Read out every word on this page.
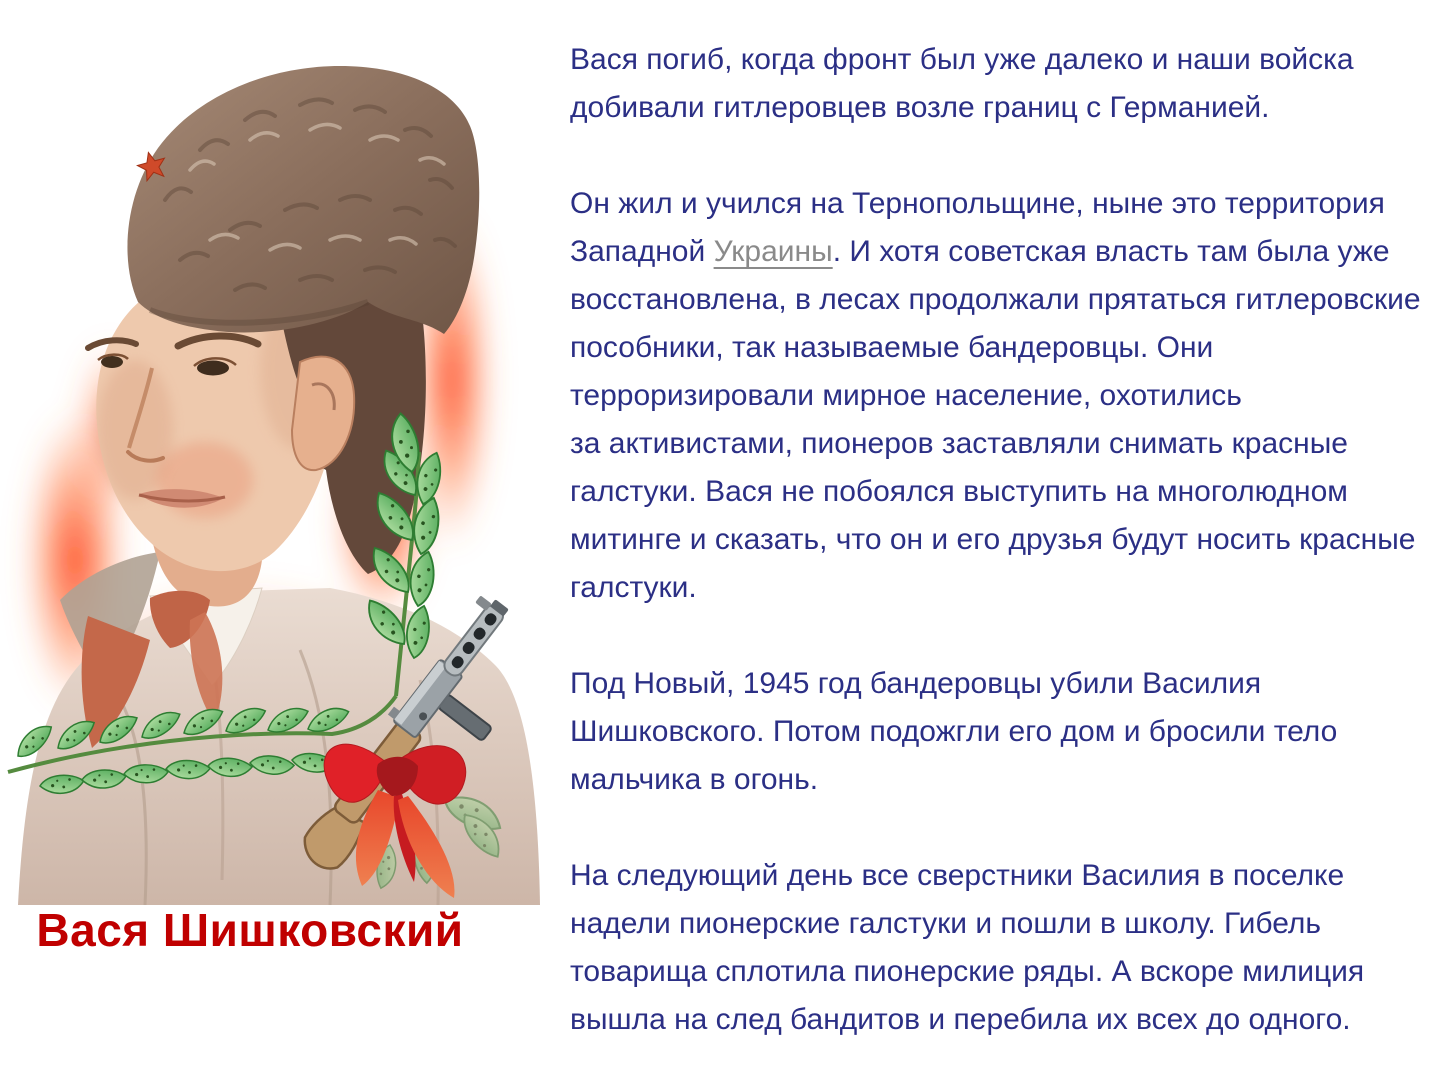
Вася Шишковский

Вася погиб, когда фронт был уже далеко и наши войска
добивали гитлеровцев возле границ с Германией.

Он жил и учился на Тернопольщине, ныне это территория
Западной Украины. И хотя советская власть там была уже
восстановлена, в лесах продолжали прятаться гитлеровские
пособники, так называемые бандеровцы. Они
терроризировали мирное население, охотились
за активистами, пионеров заставляли снимать красные
галстуки. Вася не побоялся выступить на многолюдном
митинге и сказать, что он и его друзья будут носить красные
галстуки.

Под Новый, 1945 год бандеровцы убили Василия
Шишковского. Потом подожгли его дом и бросили тело
мальчика в огонь.

На следующий день все сверстники Василия в поселке
надели пионерские галстуки и пошли в школу. Гибель
товарища сплотила пионерские ряды. А вскоре милиция
вышла на след бандитов и перебила их всех до одного.
